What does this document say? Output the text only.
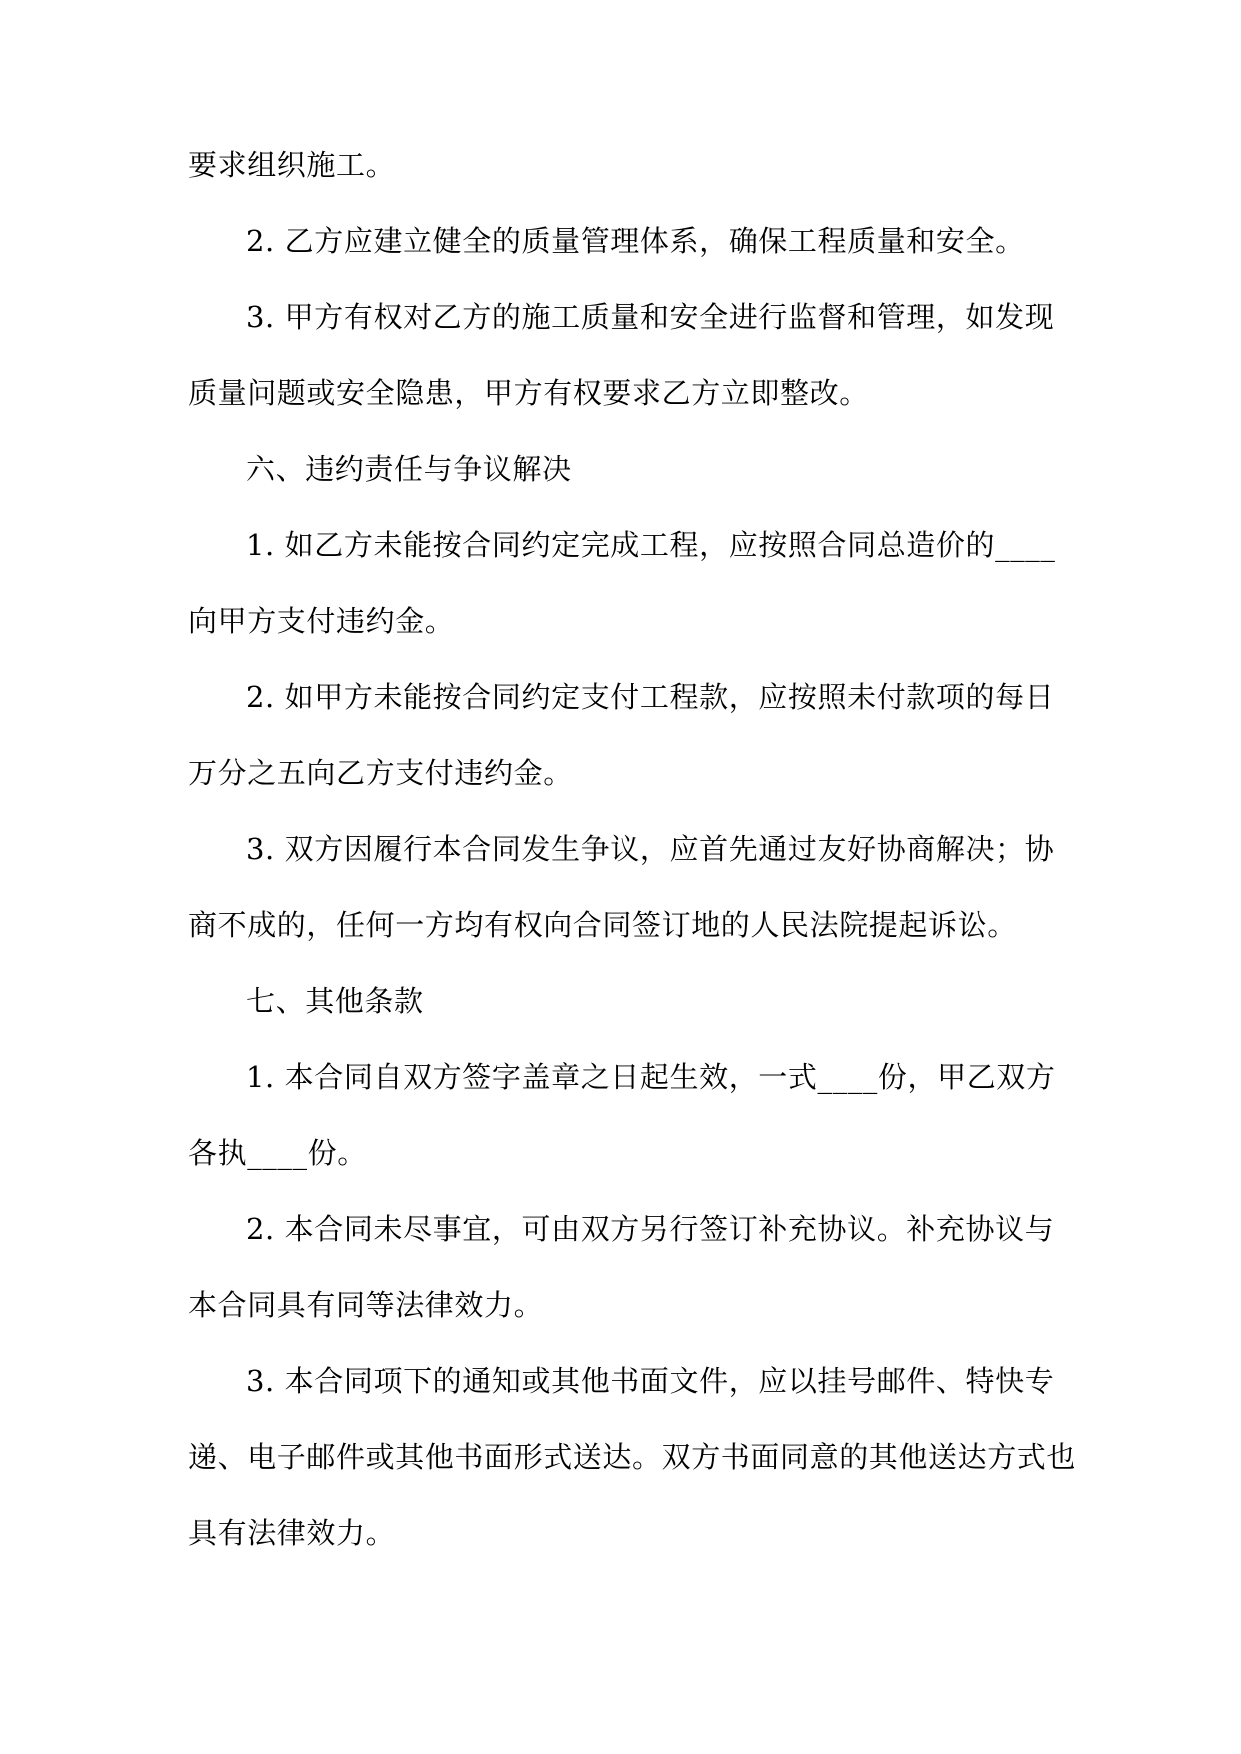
要求组织施工。
2. 乙方应建立健全的质量管理体系，确保工程质量和安全。
3. 甲方有权对乙方的施工质量和安全进行监督和管理，如发现
质量问题或安全隐患，甲方有权要求乙方立即整改。
六、违约责任与争议解决
1. 如乙方未能按合同约定完成工程，应按照合同总造价的____
向甲方支付违约金。
2. 如甲方未能按合同约定支付工程款，应按照未付款项的每日
万分之五向乙方支付违约金。
3. 双方因履行本合同发生争议，应首先通过友好协商解决；协
商不成的，任何一方均有权向合同签订地的人民法院提起诉讼。
七、其他条款
1. 本合同自双方签字盖章之日起生效，一式____份，甲乙双方
各执____份。
2. 本合同未尽事宜，可由双方另行签订补充协议。补充协议与
本合同具有同等法律效力。
3. 本合同项下的通知或其他书面文件，应以挂号邮件、特快专
递、电子邮件或其他书面形式送达。双方书面同意的其他送达方式也
具有法律效力。
